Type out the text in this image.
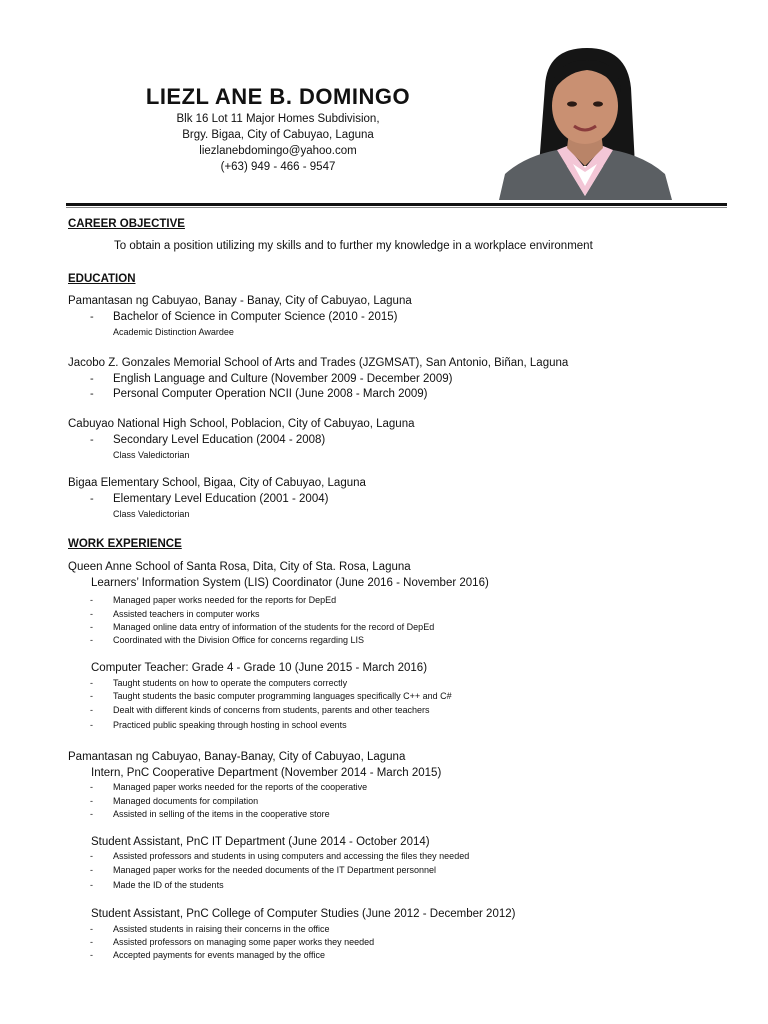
LIEZL ANE B. DOMINGO
Blk 16 Lot 11 Major Homes Subdivision,
Brgy. Bigaa, City of Cabuyao, Laguna
liezlanebdomingo@yahoo.com
(+63) 949 - 466 - 9547
CAREER OBJECTIVE
To obtain a position utilizing my skills and to further my knowledge in a workplace environment
EDUCATION
Pamantasan ng Cabuyao, Banay - Banay, City of Cabuyao, Laguna
- Bachelor of Science in Computer Science (2010 - 2015)
Academic Distinction Awardee
Jacobo Z. Gonzales Memorial School of Arts and Trades (JZGMSAT), San Antonio, Biñan, Laguna
- English Language and Culture (November 2009 - December 2009)
- Personal Computer Operation NCII (June 2008 - March 2009)
Cabuyao National High School, Poblacion, City of Cabuyao, Laguna
- Secondary Level Education (2004 - 2008)
Class Valedictorian
Bigaa Elementary School, Bigaa, City of Cabuyao, Laguna
- Elementary Level Education (2001 - 2004)
Class Valedictorian
WORK EXPERIENCE
Queen Anne School of Santa Rosa, Dita, City of Sta. Rosa, Laguna
Learners’ Information System (LIS) Coordinator (June 2016 - November 2016)
- Managed paper works needed for the reports for DepEd
- Assisted teachers in computer works
- Managed online data entry of information of the students for the record of DepEd
- Coordinated with the Division Office for concerns regarding LIS
Computer Teacher: Grade 4 - Grade 10 (June 2015 - March 2016)
- Taught students on how to operate the computers correctly
- Taught students the basic computer programming languages specifically C++ and C#
- Dealt with different kinds of concerns from students, parents and other teachers
- Practiced public speaking through hosting in school events
Pamantasan ng Cabuyao, Banay-Banay, City of Cabuyao, Laguna
Intern, PnC Cooperative Department (November 2014 - March 2015)
- Managed paper works needed for the reports of the cooperative
- Managed documents for compilation
- Assisted in selling of the items in the cooperative store
Student Assistant, PnC IT Department (June 2014 - October 2014)
- Assisted professors and students in using computers and accessing the files they needed
- Managed paper works for the needed documents of the IT Department personnel
- Made the ID of the students
Student Assistant, PnC College of Computer Studies (June 2012 - December 2012)
- Assisted students in raising their concerns in the office
- Assisted professors on managing some paper works they needed
- Accepted payments for events managed by the office
